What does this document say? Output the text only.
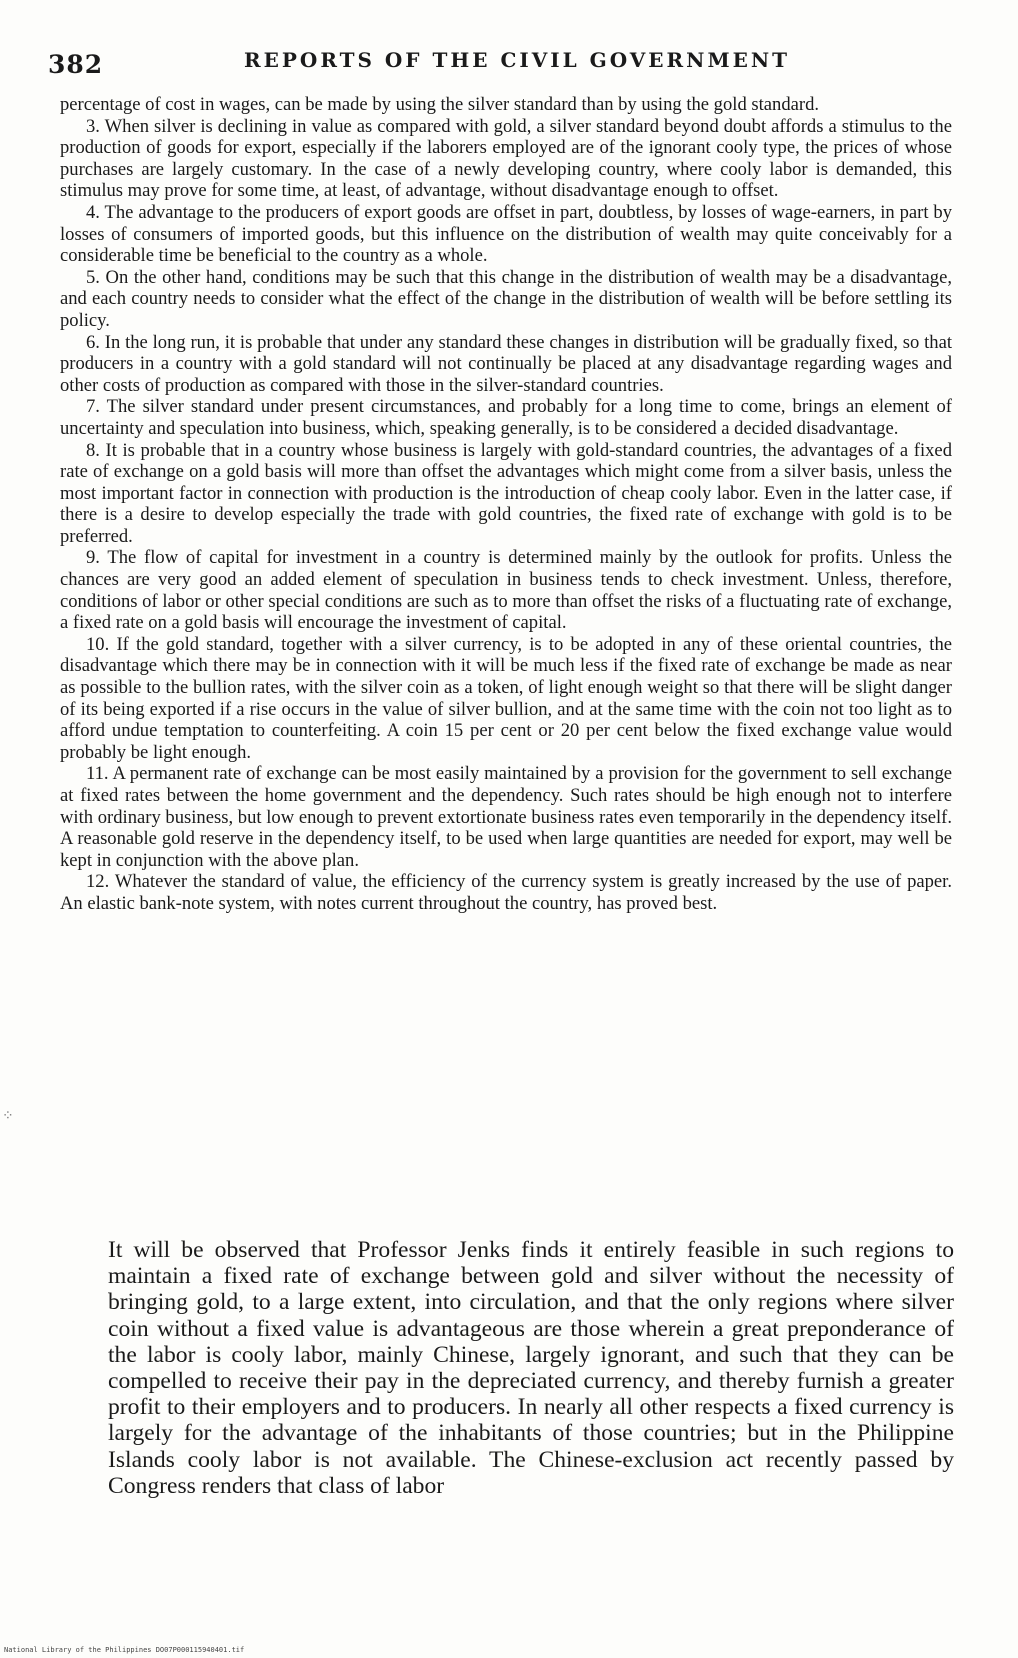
382	REPORTS OF THE CIVIL GOVERNMENT

percentage of cost in wages, can be made by using the silver standard than by using the gold standard.

3. When silver is declining in value as compared with gold, a silver standard beyond doubt affords a stimulus to the production of goods for export, especially if the laborers employed are of the ignorant cooly type, the prices of whose purchases are largely customary. In the case of a newly developing country, where cooly labor is demanded, this stimulus may prove for some time, at least, of advantage, without disadvantage enough to offset.

4. The advantage to the producers of export goods are offset in part, doubtless, by losses of wage-earners, in part by losses of consumers of imported goods, but this influence on the distribution of wealth may quite conceivably for a considerable time be beneficial to the country as a whole.

5. On the other hand, conditions may be such that this change in the distribution of wealth may be a disadvantage, and each country needs to consider what the effect of the change in the distribution of wealth will be before settling its policy.

6. In the long run, it is probable that under any standard these changes in distribution will be gradually fixed, so that producers in a country with a gold standard will not continually be placed at any disadvantage regarding wages and other costs of production as compared with those in the silver-standard countries.

7. The silver standard under present circumstances, and probably for a long time to come, brings an element of uncertainty and speculation into business, which, speaking generally, is to be considered a decided disadvantage.

8. It is probable that in a country whose business is largely with gold-standard countries, the advantages of a fixed rate of exchange on a gold basis will more than offset the advantages which might come from a silver basis, unless the most important factor in connection with production is the introduction of cheap cooly labor. Even in the latter case, if there is a desire to develop especially the trade with gold countries, the fixed rate of exchange with gold is to be preferred.

9. The flow of capital for investment in a country is determined mainly by the outlook for profits. Unless the chances are very good an added element of speculation in business tends to check investment. Unless, therefore, conditions of labor or other special conditions are such as to more than offset the risks of a fluctuating rate of exchange, a fixed rate on a gold basis will encourage the investment of capital.

10. If the gold standard, together with a silver currency, is to be adopted in any of these oriental countries, the disadvantage which there may be in connection with it will be much less if the fixed rate of exchange be made as near as possible to the bullion rates, with the silver coin as a token, of light enough weight so that there will be slight danger of its being exported if a rise occurs in the value of silver bullion, and at the same time with the coin not too light as to afford undue temptation to counterfeiting. A coin 15 per cent or 20 per cent below the fixed exchange value would probably be light enough.

11. A permanent rate of exchange can be most easily maintained by a provision for the government to sell exchange at fixed rates between the home government and the dependency. Such rates should be high enough not to interfere with ordinary business, but low enough to prevent extortionate business rates even temporarily in the dependency itself. A reasonable gold reserve in the dependency itself, to be used when large quantities are needed for export, may well be kept in conjunction with the above plan.

12. Whatever the standard of value, the efficiency of the currency system is greatly increased by the use of paper. An elastic bank-note system, with notes current throughout the country, has proved best.

It will be observed that Professor Jenks finds it entirely feasible in such regions to maintain a fixed rate of exchange between gold and silver without the necessity of bringing gold, to a large extent, into circulation, and that the only regions where silver coin without a fixed value is advantageous are those wherein a great preponderance of the labor is cooly labor, mainly Chinese, largely ignorant, and such that they can be compelled to receive their pay in the depreciated currency, and thereby furnish a greater profit to their employers and to producers. In nearly all other respects a fixed currency is largely for the advantage of the inhabitants of those countries; but in the Philippine Islands cooly labor is not available. The Chinese-exclusion act recently passed by Congress renders that class of labor

⁘
National Library of the Philippines DO07P000115940401.tif
